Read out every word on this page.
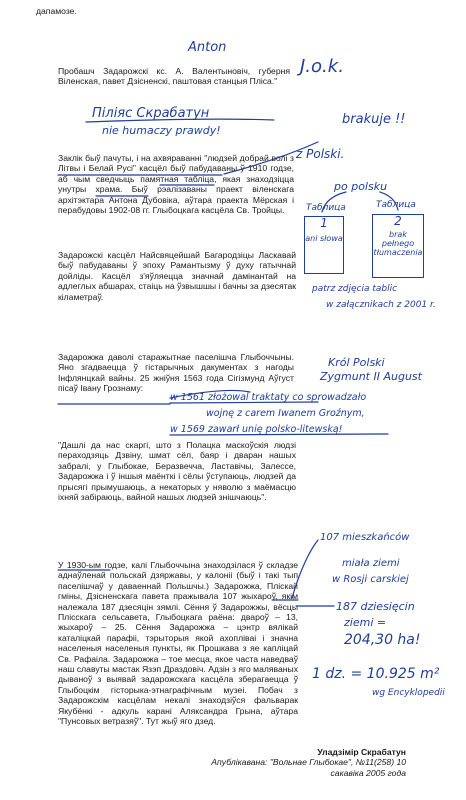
дапамозе.

Пробашч Задарожскі кс. А. Валентыновіч, губерня Віленская, павет Дзісненскі, паштовая станцыя Пліса."

Заклік быў пачуты, і на ахвяраванні "людзей добрай волі з Літвы і Белай Русі" касцёл быў пабудаваны ў 1910 годзе, аб чым сведчыць памятная табліца, якая знаходзіцца унутры храма. Быў рэалізаваны праект віленскага архітэктара Антона Дубовіка, аўтара праекта Мёрская і перабудовы 1902-08 гг. Глыбоцкага касцёла Св. Тройцы.

Задарожскі касцёл Найсвяцейшай Багародзіцы Ласкавай быў пабудаваны ў эпоху Рамантызму ў духу гатычнай дойліды. Касцёл з'яўляецца значнай дамінантай на адлеглых абшарах, стаіць на ўзвышшы і бачны за дзесятак кіламетраў.

Задарожжа даволі старажытнае паселішча Глыбоччыны. Яно згадваецца ў гістарычных дакументах з нагоды Інфлянцкай вайны. 25 жніўня 1563 года Сігізмунд Аўгуст пісаў Івану Грознаму:

"Дашлі да нас скаргі, што з Полацка маскоўскія людзі пераходзяць Дзвіну, шмат сёл, баяр і дваран нашых забралі, у Глыбокае, Беразвечча, Ластавічы, Залессе, Задарожжа і ў іншыя маёнткі і сёлы ўступаюць, людзей да прысягі прымушаюць, а некаторых у няволю з маёмасцю іхняй забіраюць, вайной нашых людзей знішчаюць".

У 1930-ым годзе, калі Глыбоччына знаходзілася ў складзе аднаўленай польскай дзяржавы, у калоніі (быў і такі тып паселішчаў у даваеннай Польшчы.) Задарожжа, Пліскай гміны, Дзісненскага павета пражывала 107 жыхароў, якім належала 187 дзесяцін зямлі. Сёння ў Задарожжы, вёсцы Плісскага сельсавета, Глыбоцкага раёна: двароў – 13, жыхароў – 25. Сёння Задарожжа – цэнтр вялікай каталіцкай парафіі, тэрыторыя якой ахопліваі і значна населеныя населеныя пункты, як Прошкава з яе капліцай Св. Рафаіла. Задарожжа – тое месца, якое часта наведваў наш славуты мастак Язэп Драздовіч. Адзін з яго маляваных дываноў з выявай задарожскага касцёла зберагаецца ў Глыбоцкім гісторыка-этнаграфічным музеі. Побач з Задарожскім касцёлам некалі знаходзіўся фальварак Якубёнкі - адкуль карані Аляксандра Грына, аўтара "Пунсовых ветразяў". Тут жыў яго дзед.

Уладзімір Скрабатун
Апублікавана: "Вольнае Глыбокае", №11(258) 10 сакавіка 2005 года
Anton
J.o.k.
Піліяс Скрабатун
nie humaczy prawdy!
brakuje !!
z Polski.
po polsku
Таблица	Таблица
1
ani słowa
2
brak pełnego tłumaczenia
patrz zdjęcia tablic
w załącznikach z 2001 r.
Król Polski
Zygmunt II August
w 1561 złożowal traktaty co sprowadzało
wojnę z carem Iwanem Groźnym,
w 1569 zawarł unię polsko-litewską!
107 mieszkańców
miała ziemi
w Rosji carskiej
187 dziesięcin
ziemi =
204,30 ha!
1 dz. = 10.925 m²
wg Encyklopedii
